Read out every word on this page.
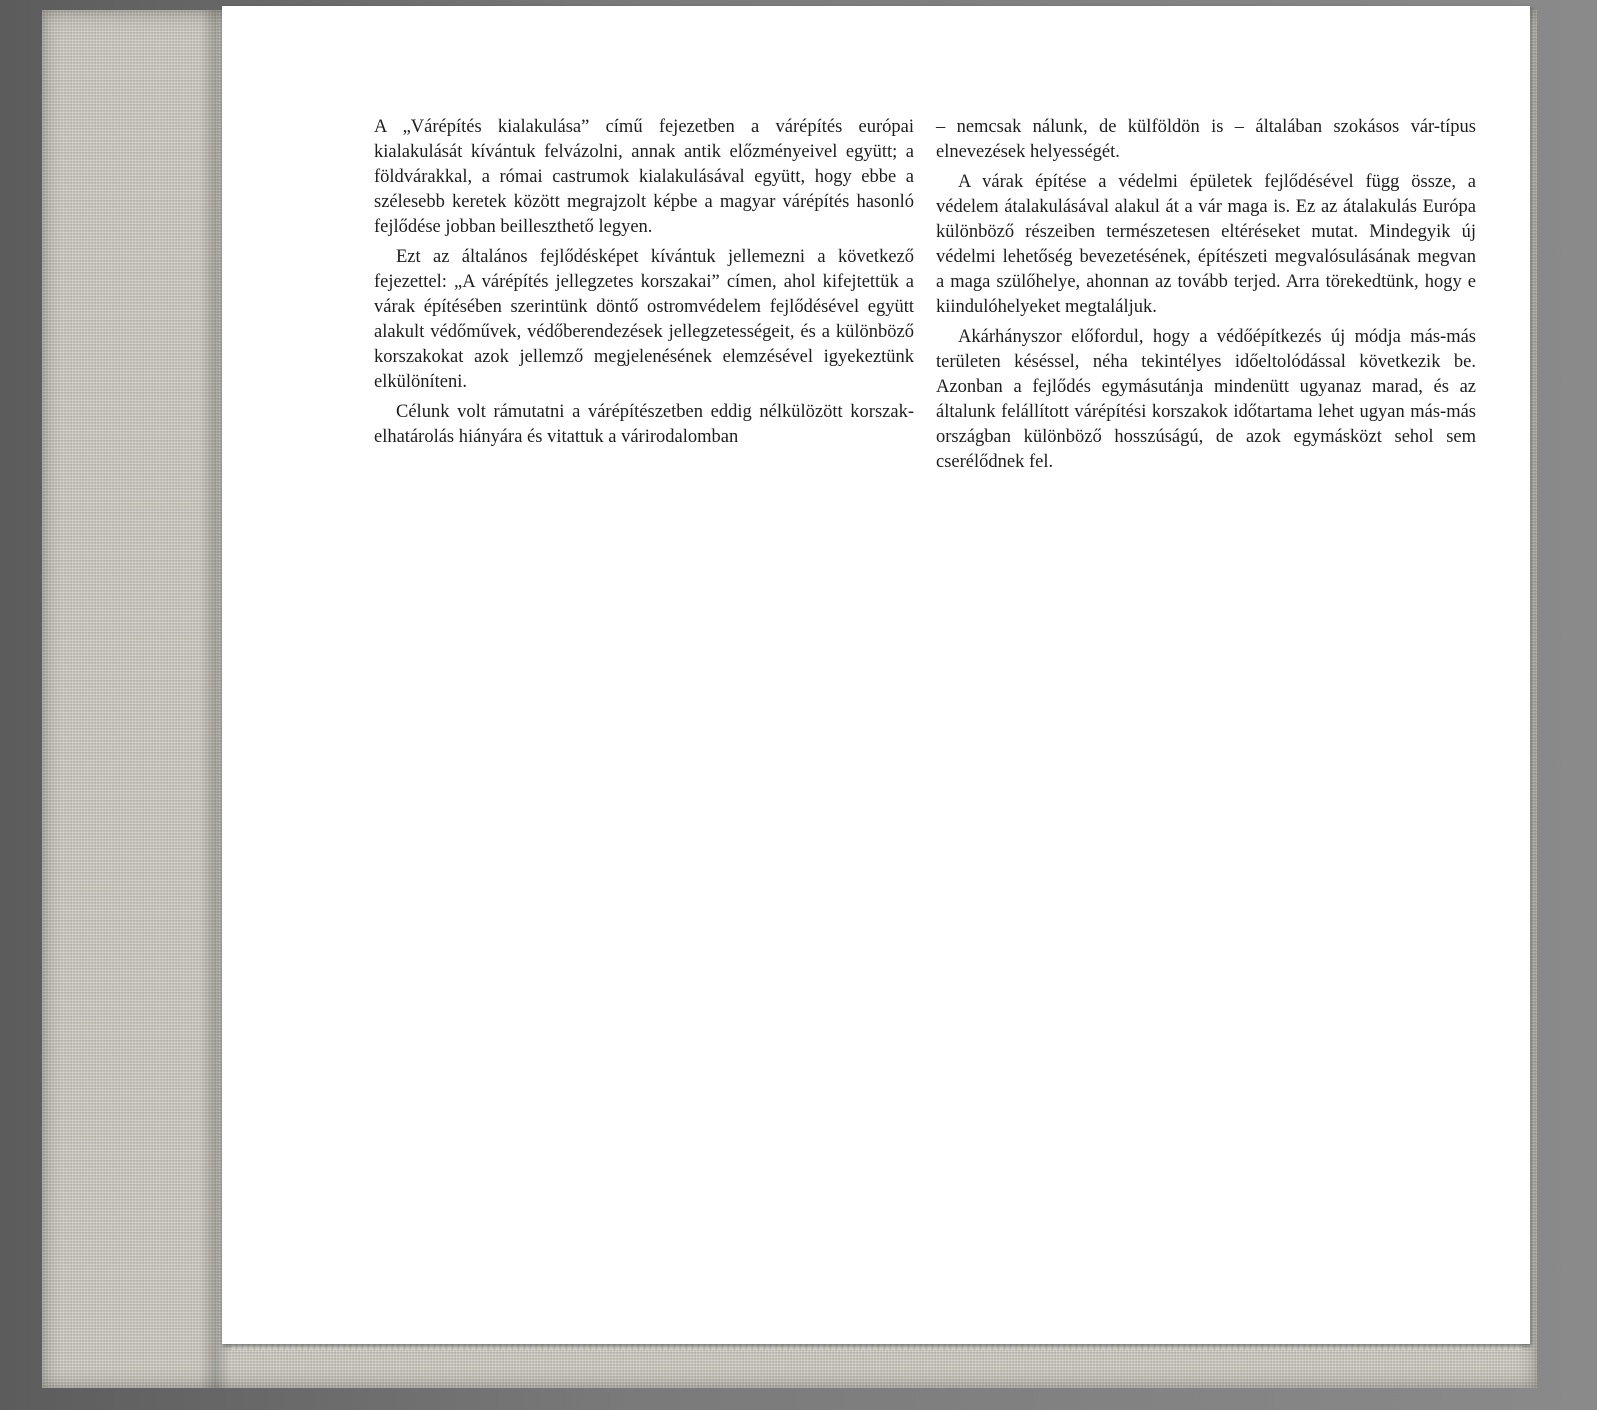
A „Várépítés kialakulása” című fejezetben a várépítés európai kialakulását kívántuk felvázolni, annak antik előzményeivel együtt; a földvárakkal, a római castrumok kialakulásával együtt, hogy ebbe a szélesebb keretek között megrajzolt képbe a magyar várépítés hasonló fejlődése jobban beilleszthető legyen.

Ezt az általános fejlődésképet kívántuk jellemezni a következő fejezettel: „A várépítés jellegzetes korszakai” címen, ahol kifejtettük a várak építésében szerintünk döntő ostromvédelem fejlődésével együtt alakult védőművek, védőberendezések jellegzetességeit, és a különböző korszakokat azok jellemző megjelenésének elemzésével igyekeztünk elkülöníteni.

Célunk volt rámutatni a várépítészetben eddig nélkülözött korszak-elhatárolás hiányára és vitattuk a várirodalomban

– nemcsak nálunk, de külföldön is – általában szokásos vár-típus elnevezések helyességét.

A várak építése a védelmi épületek fejlődésével függ össze, a védelem átalakulásával alakul át a vár maga is. Ez az átalakulás Európa különböző részeiben természetesen eltéréseket mutat. Mindegyik új védelmi lehetőség bevezetésének, építészeti megvalósulásának megvan a maga szülőhelye, ahonnan az tovább terjed. Arra törekedtünk, hogy e kiindulóhelyeket megtaláljuk.

Akárhányszor előfordul, hogy a védőépítkezés új módja más-más területen késéssel, néha tekintélyes időeltolódással következik be. Azonban a fejlődés egymásutánja mindenütt ugyanaz marad, és az általunk felállított várépítési korszakok időtartama lehet ugyan más-más országban különböző hosszúságú, de azok egymásközt sehol sem cserélődnek fel.
